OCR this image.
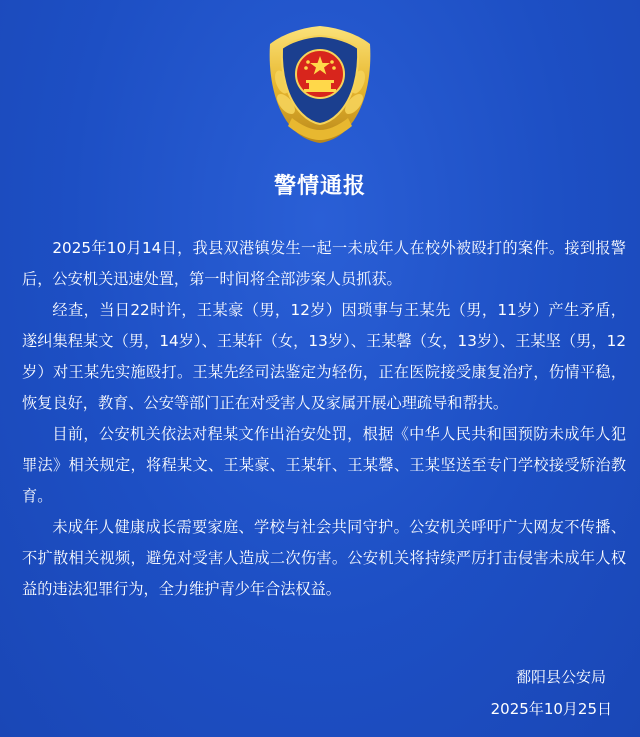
警情通报

2025年10月14日，我县双港镇发生一起一未成年人在校外被殴打的案件。接到报警后，公安机关迅速处置，第一时间将全部涉案人员抓获。

经查，当日22时许，王某豪（男，12岁）因琐事与王某先（男，11岁）产生矛盾，遂纠集程某文（男，14岁）、王某轩（女，13岁）、王某馨（女，13岁）、王某坚（男，12岁）对王某先实施殴打。王某先经司法鉴定为轻伤，正在医院接受康复治疗，伤情平稳，恢复良好，教育、公安等部门正在对受害人及家属开展心理疏导和帮扶。

目前，公安机关依法对程某文作出治安处罚，根据《中华人民共和国预防未成年人犯罪法》相关规定，将程某文、王某豪、王某轩、王某馨、王某坚送至专门学校接受矫治教育。

未成年人健康成长需要家庭、学校与社会共同守护。公安机关呼吁广大网友不传播、不扩散相关视频，避免对受害人造成二次伤害。公安机关将持续严厉打击侵害未成年人权益的违法犯罪行为，全力维护青少年合法权益。

鄱阳县公安局
2025年10月25日
